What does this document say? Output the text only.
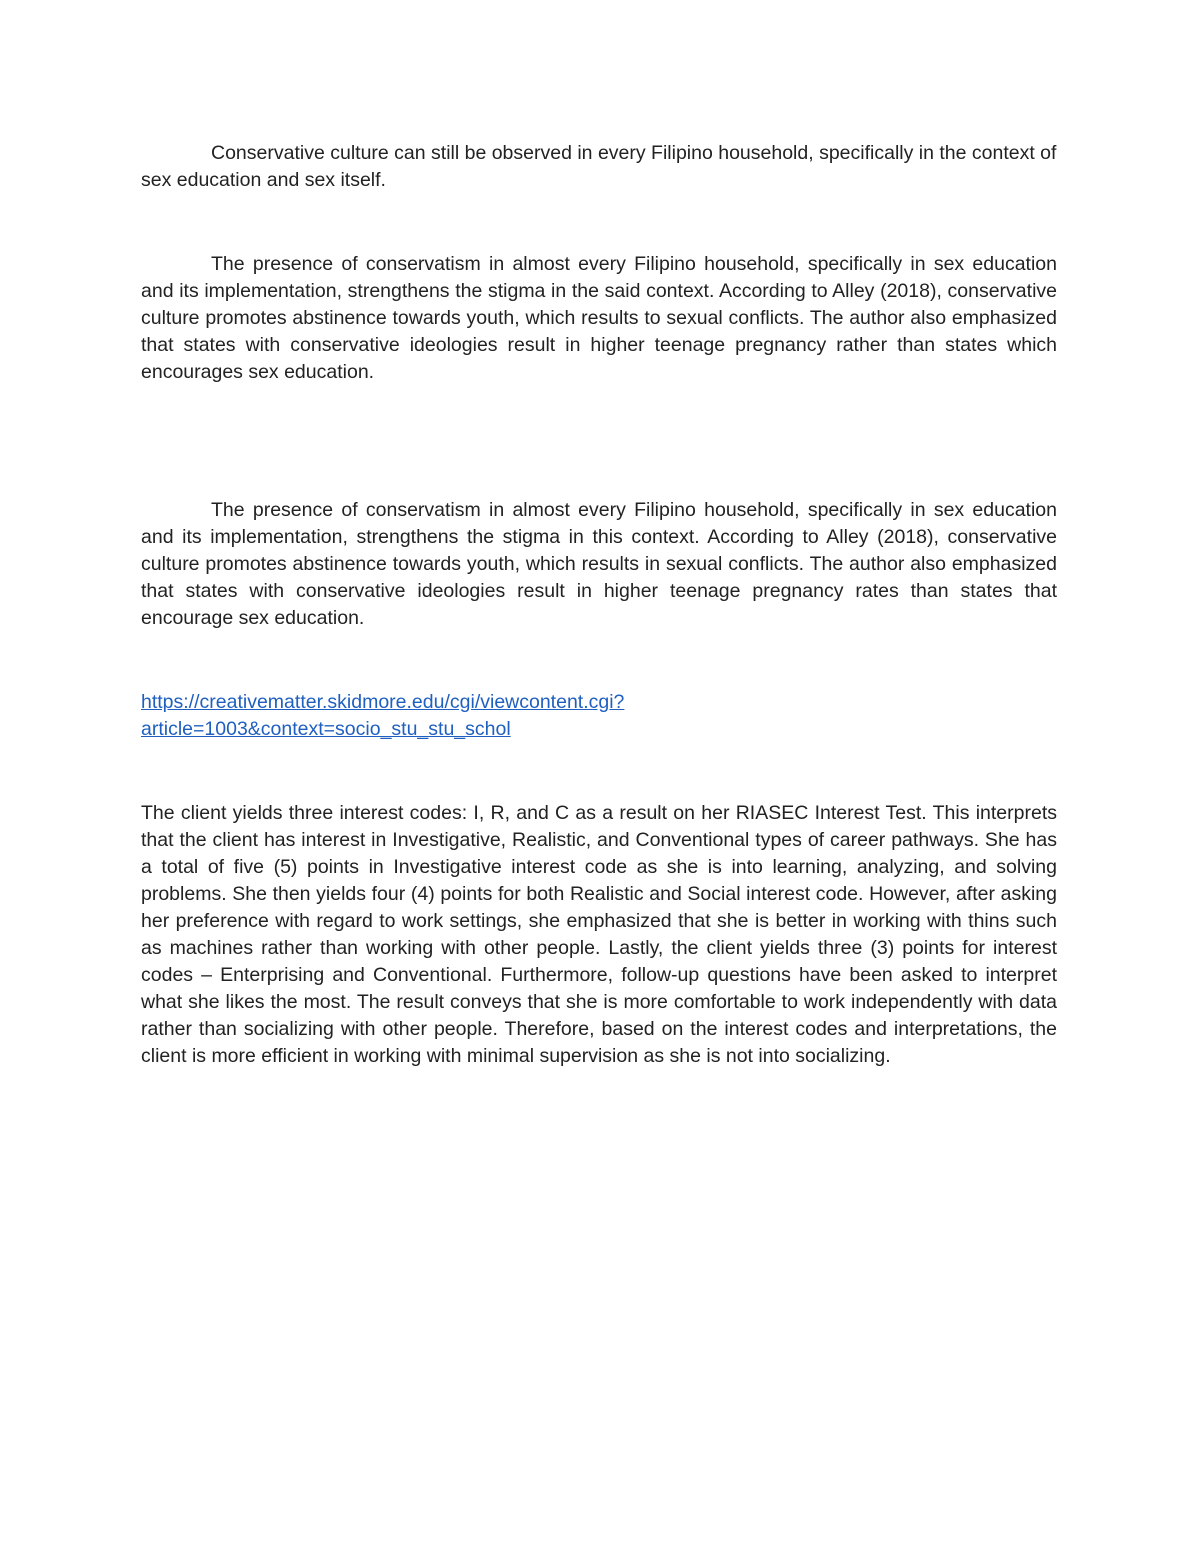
Conservative culture can still be observed in every Filipino household, specifically in the context of sex education and sex itself.

The presence of conservatism in almost every Filipino household, specifically in sex education and its implementation, strengthens the stigma in the said context. According to Alley (2018), conservative culture promotes abstinence towards youth, which results to sexual conflicts. The author also emphasized that states with conservative ideologies result in higher teenage pregnancy rather than states which encourages sex education.

The presence of conservatism in almost every Filipino household, specifically in sex education and its implementation, strengthens the stigma in this context. According to Alley (2018), conservative culture promotes abstinence towards youth, which results in sexual conflicts. The author also emphasized that states with conservative ideologies result in higher teenage pregnancy rates than states that encourage sex education.

https://creativematter.skidmore.edu/cgi/viewcontent.cgi?
article=1003&context=socio_stu_stu_schol

The client yields three interest codes: I, R, and C as a result on her RIASEC Interest Test. This interprets that the client has interest in Investigative, Realistic, and Conventional types of career pathways. She has a total of five (5) points in Investigative interest code as she is into learning, analyzing, and solving problems. She then yields four (4) points for both Realistic and Social interest code. However, after asking her preference with regard to work settings, she emphasized that she is better in working with thins such as machines rather than working with other people. Lastly, the client yields three (3) points for interest codes – Enterprising and Conventional. Furthermore, follow-up questions have been asked to interpret what she likes the most. The result conveys that she is more comfortable to work independently with data rather than socializing with other people. Therefore, based on the interest codes and interpretations, the client is more efficient in working with minimal supervision as she is not into socializing.
